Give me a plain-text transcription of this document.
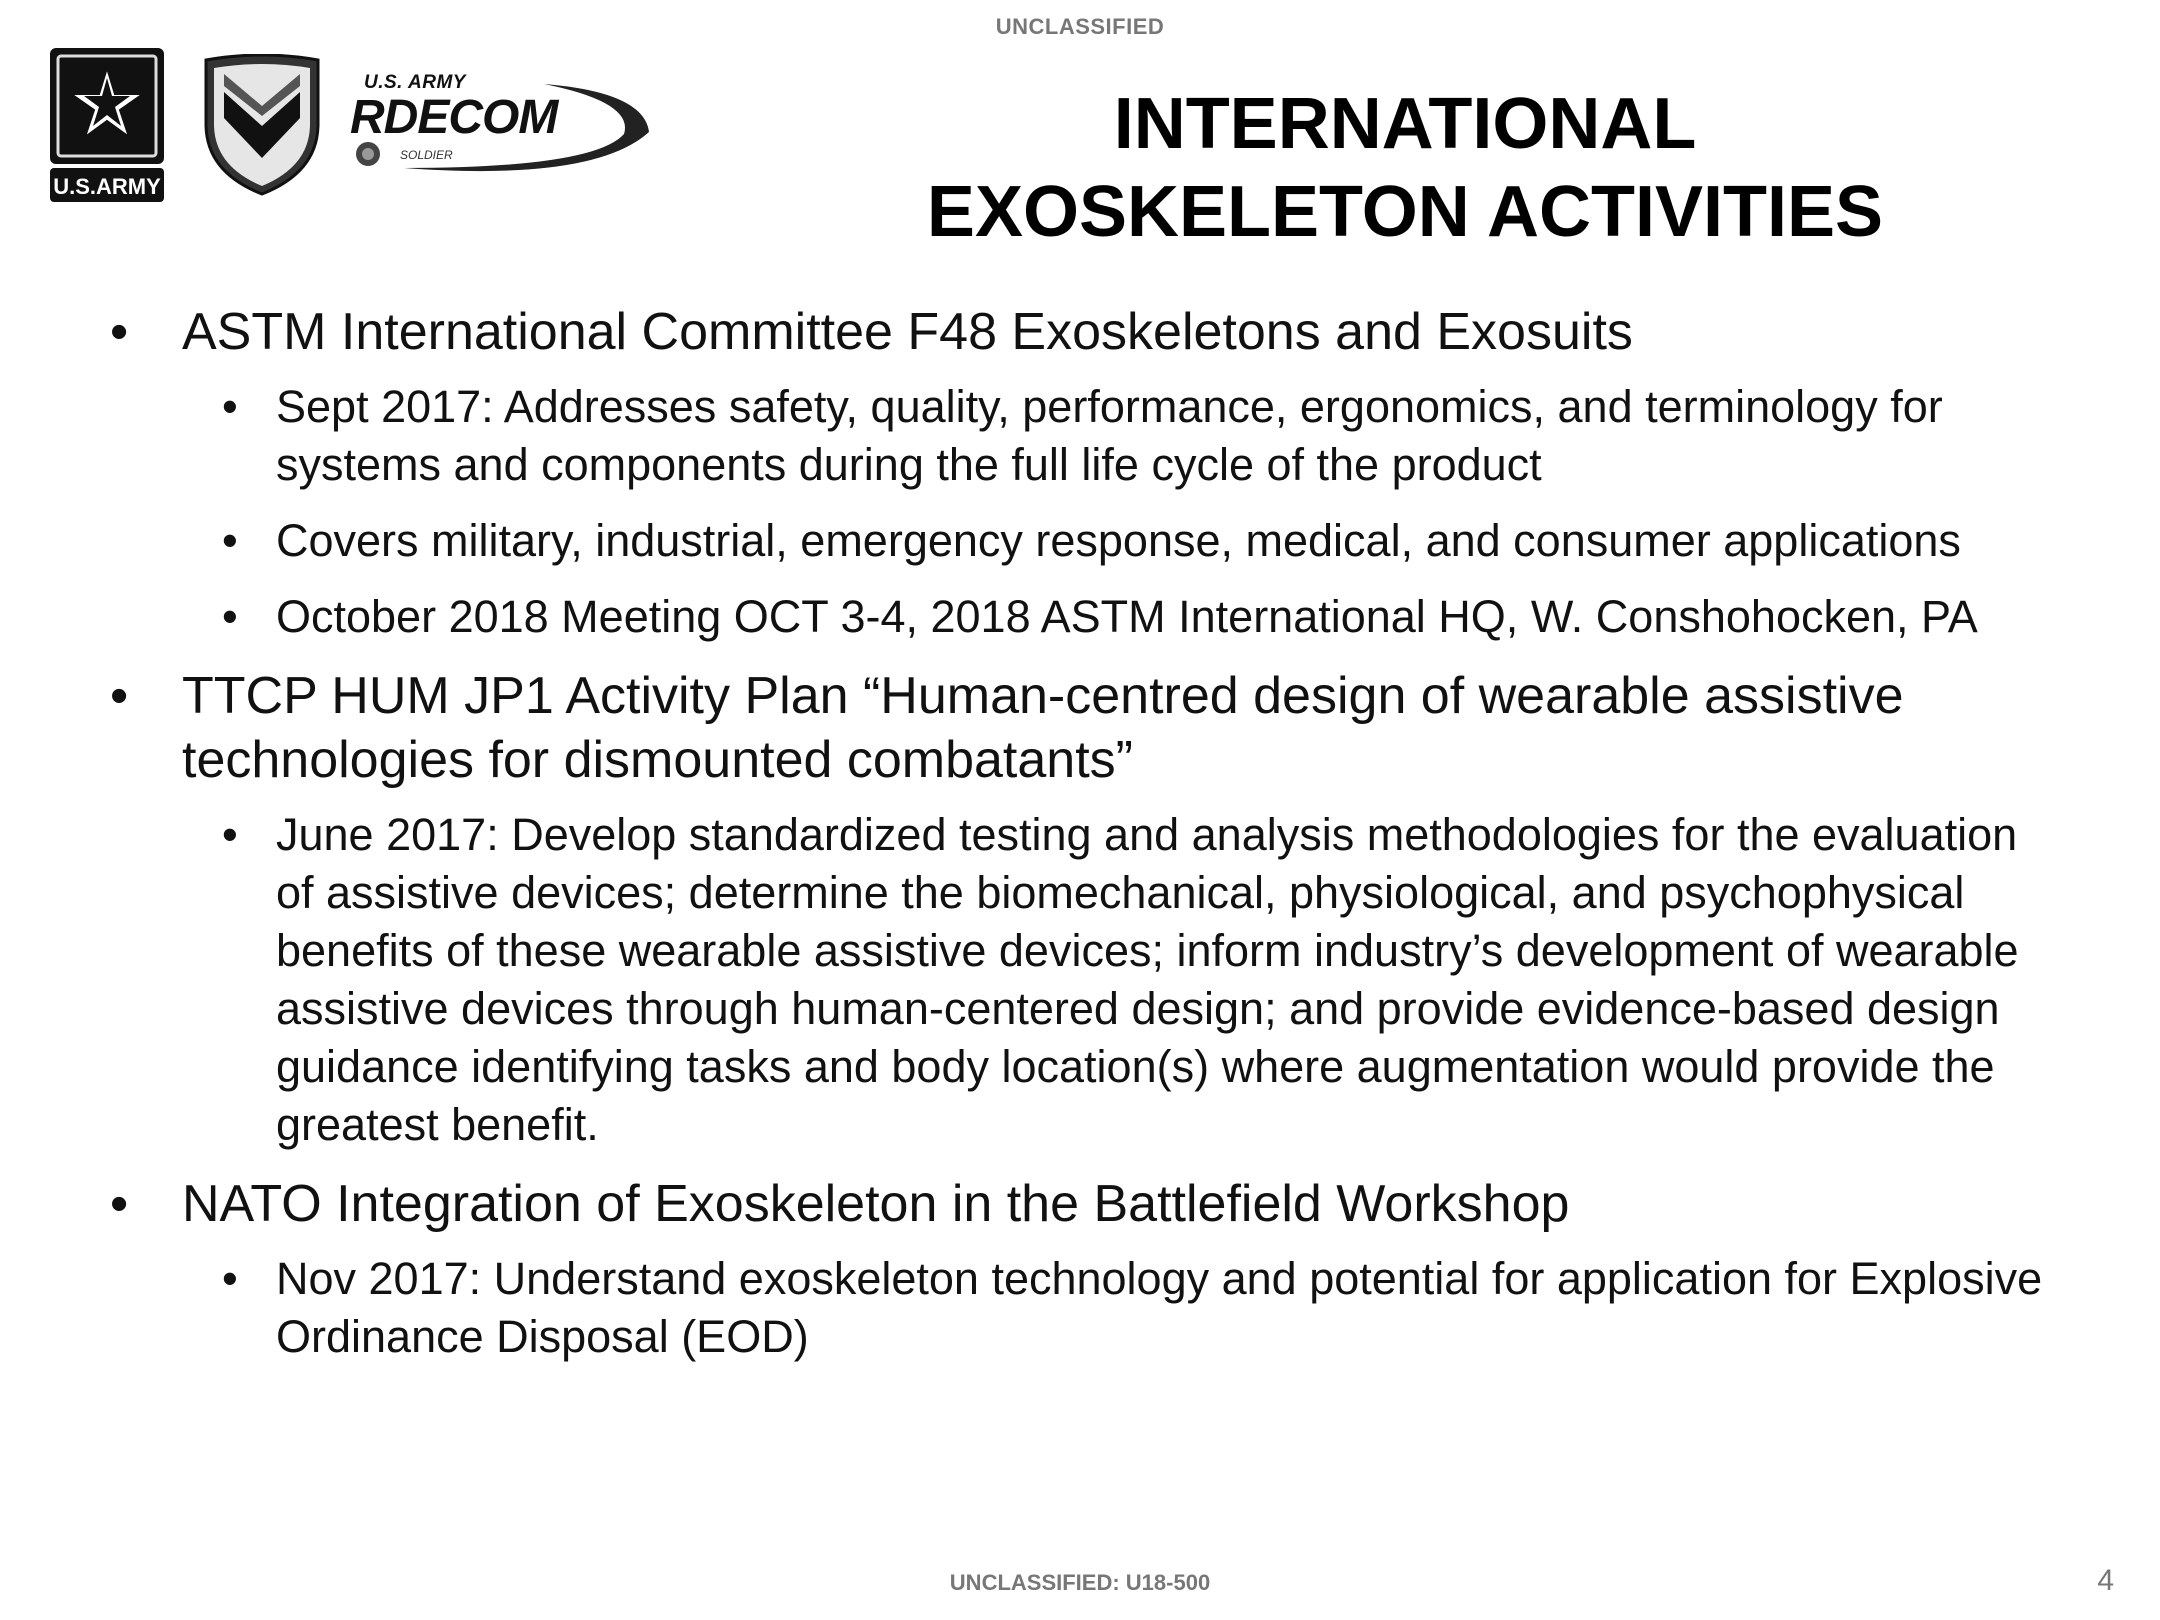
UNCLASSIFIED
U.S.ARMY
U.S. ARMY
RDECOM
SOLDIER	INTERNATIONAL
EXOSKELETON ACTIVITIES
• ASTM International Committee F48 Exoskeletons and Exosuits
• Sept 2017: Addresses safety, quality, performance, ergonomics, and terminology for systems and components during the full life cycle of the product
• Covers military, industrial, emergency response, medical, and consumer applications
• October 2018 Meeting OCT 3-4, 2018 ASTM International HQ, W. Conshohocken, PA
• TTCP HUM JP1 Activity Plan “Human-centred design of wearable assistive technologies for dismounted combatants”
• June 2017: Develop standardized testing and analysis methodologies for the evaluation of assistive devices; determine the biomechanical, physiological, and psychophysical benefits of these wearable assistive devices; inform industry’s development of wearable assistive devices through human-centered design; and provide evidence-based design guidance identifying tasks and body location(s) where augmentation would provide the greatest benefit.
• NATO Integration of Exoskeleton in the Battlefield Workshop
• Nov 2017: Understand exoskeleton technology and potential for application for Explosive Ordinance Disposal (EOD)
UNCLASSIFIED: U18-500	4
